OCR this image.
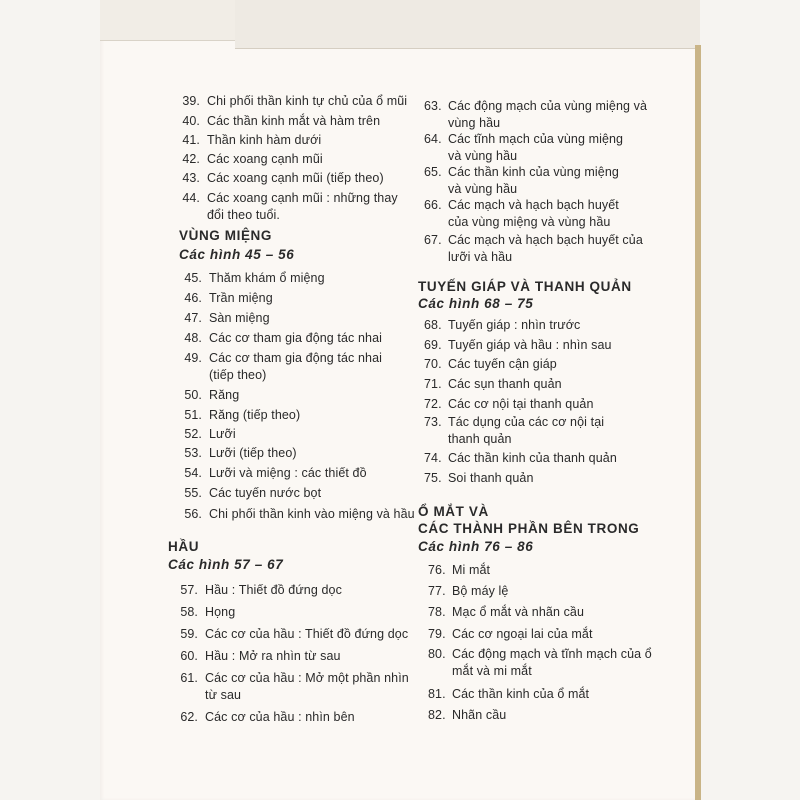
39. Chi phối thần kinh tự chủ của ổ mũi
40. Các thần kinh mắt và hàm trên
41. Thần kinh hàm dưới
42. Các xoang cạnh mũi
43. Các xoang cạnh mũi (tiếp theo)
44. Các xoang cạnh mũi : những thay
đổi theo tuổi.
VÙNG MIỆNG
Các hình 45 – 56
45. Thăm khám ổ miệng
46. Trần miệng
47. Sàn miệng
48. Các cơ tham gia động tác nhai
49. Các cơ tham gia động tác nhai
(tiếp theo)
50. Răng
51. Răng (tiếp theo)
52. Lưỡi
53. Lưỡi (tiếp theo)
54. Lưỡi và miệng : các thiết đồ
55. Các tuyến nước bọt
56. Chi phối thần kinh vào miệng và hầu
HẦU
Các hình 57 – 67
57. Hầu : Thiết đồ đứng dọc
58. Họng
59. Các cơ của hầu : Thiết đồ đứng dọc
60. Hầu : Mở ra nhìn từ sau
61. Các cơ của hầu : Mở một phần nhìn
từ sau
62. Các cơ của hầu : nhìn bên
63. Các động mạch của vùng miệng và
vùng hầu
64. Các tĩnh mạch của vùng miệng
và vùng hầu
65. Các thần kinh của vùng miệng
và vùng hầu
66. Các mạch và hạch bạch huyết
của vùng miệng và vùng hầu
67. Các mạch và hạch bạch huyết của
lưỡi và hầu
TUYẾN GIÁP VÀ THANH QUẢN
Các hình 68 – 75
68. Tuyến giáp : nhìn trước
69. Tuyến giáp và hầu : nhìn sau
70. Các tuyến cận giáp
71. Các sụn thanh quản
72. Các cơ nội tại thanh quản
73. Tác dụng của các cơ nội tại
thanh quản
74. Các thần kinh của thanh quản
75. Soi thanh quản
Ổ MẮT VÀ
CÁC THÀNH PHẦN BÊN TRONG
Các hình 76 – 86
76. Mi mắt
77. Bộ máy lệ
78. Mạc ổ mắt và nhãn cầu
79. Các cơ ngoại lai của mắt
80. Các động mạch và tĩnh mạch của ổ
mắt và mi mắt
81. Các thần kinh của ổ mắt
82. Nhãn cầu
